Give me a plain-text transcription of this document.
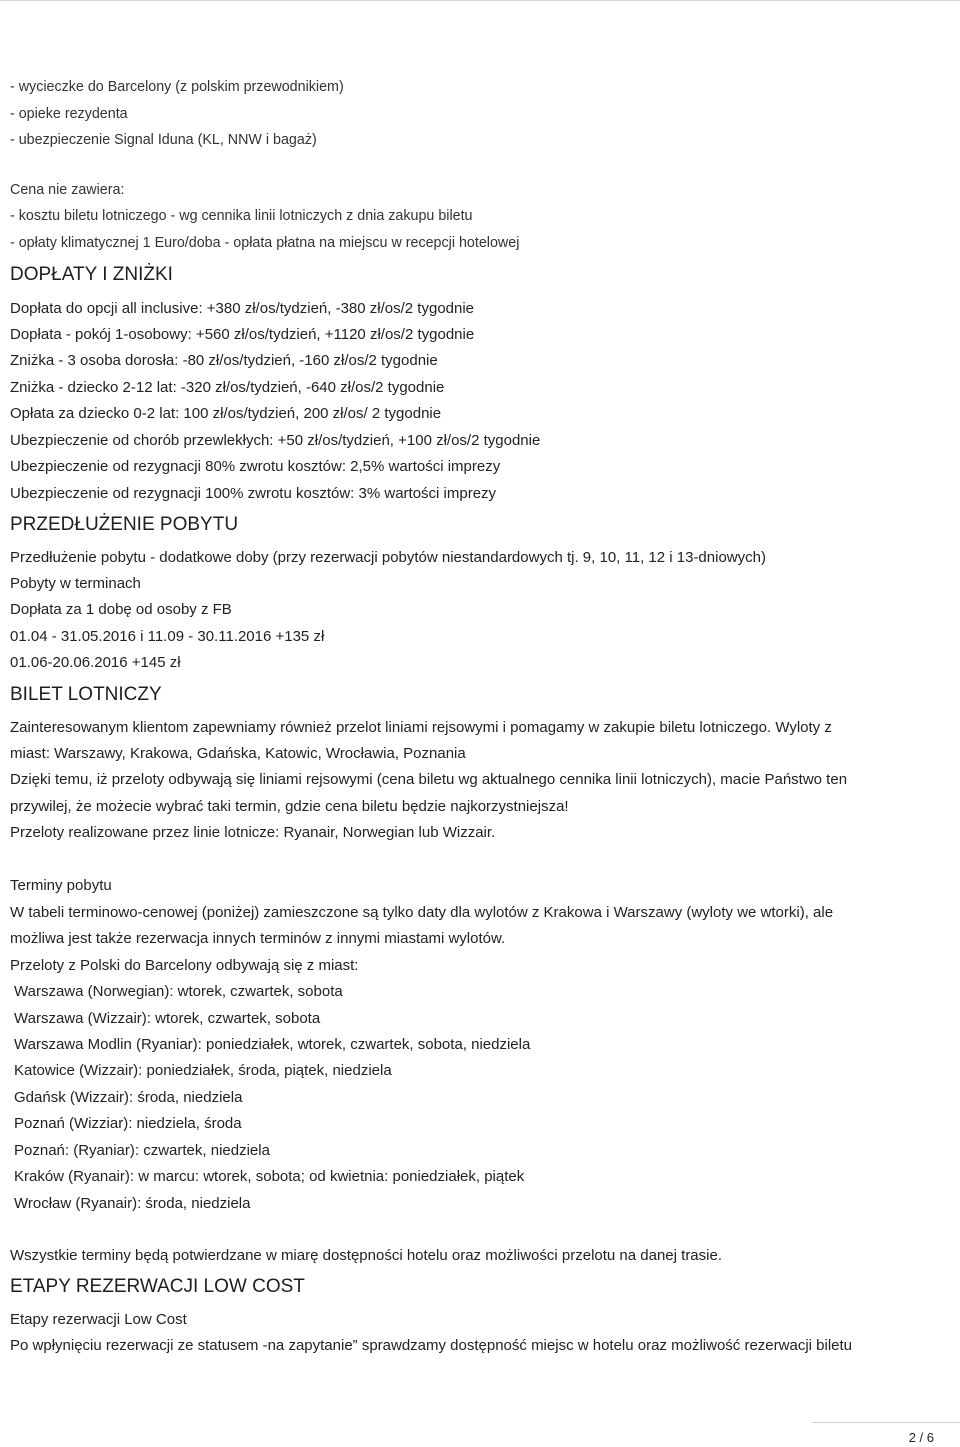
- wycieczke do Barcelony (z polskim przewodnikiem)
- opieke rezydenta
- ubezpieczenie Signal Iduna (KL, NNW i bagaż)
Cena nie zawiera:
- kosztu biletu lotniczego - wg cennika linii lotniczych z dnia zakupu biletu
- opłaty klimatycznej 1 Euro/doba - opłata płatna na miejscu w recepcji hotelowej
DOPŁATY I ZNIŻKI
Dopłata do opcji all inclusive: +380 zł/os/tydzień, -380 zł/os/2 tygodnie
Dopłata - pokój 1-osobowy: +560 zł/os/tydzień, +1120 zł/os/2 tygodnie
Zniżka - 3 osoba dorosła: -80 zł/os/tydzień, -160 zł/os/2 tygodnie
Zniżka - dziecko 2-12 lat: -320 zł/os/tydzień, -640 zł/os/2 tygodnie
Opłata za dziecko 0-2 lat: 100 zł/os/tydzień, 200 zł/os/ 2 tygodnie
Ubezpieczenie od chorób przewlekłych: +50 zł/os/tydzień, +100 zł/os/2 tygodnie
Ubezpieczenie od rezygnacji 80% zwrotu kosztów: 2,5% wartości imprezy
Ubezpieczenie od rezygnacji 100% zwrotu kosztów: 3% wartości imprezy
PRZEDŁUŻENIE POBYTU
Przedłużenie pobytu - dodatkowe doby (przy rezerwacji pobytów niestandardowych tj. 9, 10, 11, 12 i 13-dniowych)
Pobyty w terminach
Dopłata za 1 dobę od osoby z FB
01.04 - 31.05.2016 i 11.09 - 30.11.2016 +135 zł
01.06-20.06.2016 +145 zł
BILET LOTNICZY
Zainteresowanym klientom zapewniamy również przelot liniami rejsowymi i pomagamy w zakupie biletu lotniczego. Wyloty z
miast: Warszawy, Krakowa, Gdańska, Katowic, Wrocławia, Poznania
Dzięki temu, iż przeloty odbywają się liniami rejsowymi (cena biletu wg aktualnego cennika linii lotniczych), macie Państwo ten
przywilej, że możecie wybrać taki termin, gdzie cena biletu będzie najkorzystniejsza!
Przeloty realizowane przez linie lotnicze: Ryanair, Norwegian lub Wizzair.
Terminy pobytu
W tabeli terminowo-cenowej (poniżej) zamieszczone są tylko daty dla wylotów z Krakowa i Warszawy (wyloty we wtorki), ale
możliwa jest także rezerwacja innych terminów z innymi miastami wylotów.
Przeloty z Polski do Barcelony odbywają się z miast:
Warszawa (Norwegian): wtorek, czwartek, sobota
Warszawa (Wizzair): wtorek, czwartek, sobota
Warszawa Modlin (Ryaniar): poniedziałek, wtorek, czwartek, sobota, niedziela
Katowice (Wizzair): poniedziałek, środa, piątek, niedziela
Gdańsk (Wizzair): środa, niedziela
Poznań (Wizziar): niedziela, środa
Poznań: (Ryaniar): czwartek, niedziela
Kraków (Ryanair): w marcu: wtorek, sobota; od kwietnia: poniedziałek, piątek
Wrocław (Ryanair): środa, niedziela
Wszystkie terminy będą potwierdzane w miarę dostępności hotelu oraz możliwości przelotu na danej trasie.
ETAPY REZERWACJI LOW COST
Etapy rezerwacji Low Cost
Po wpłynięciu rezerwacji ze statusem -na zapytanie” sprawdzamy dostępność miejsc w hotelu oraz możliwość rezerwacji biletu
2 / 6
